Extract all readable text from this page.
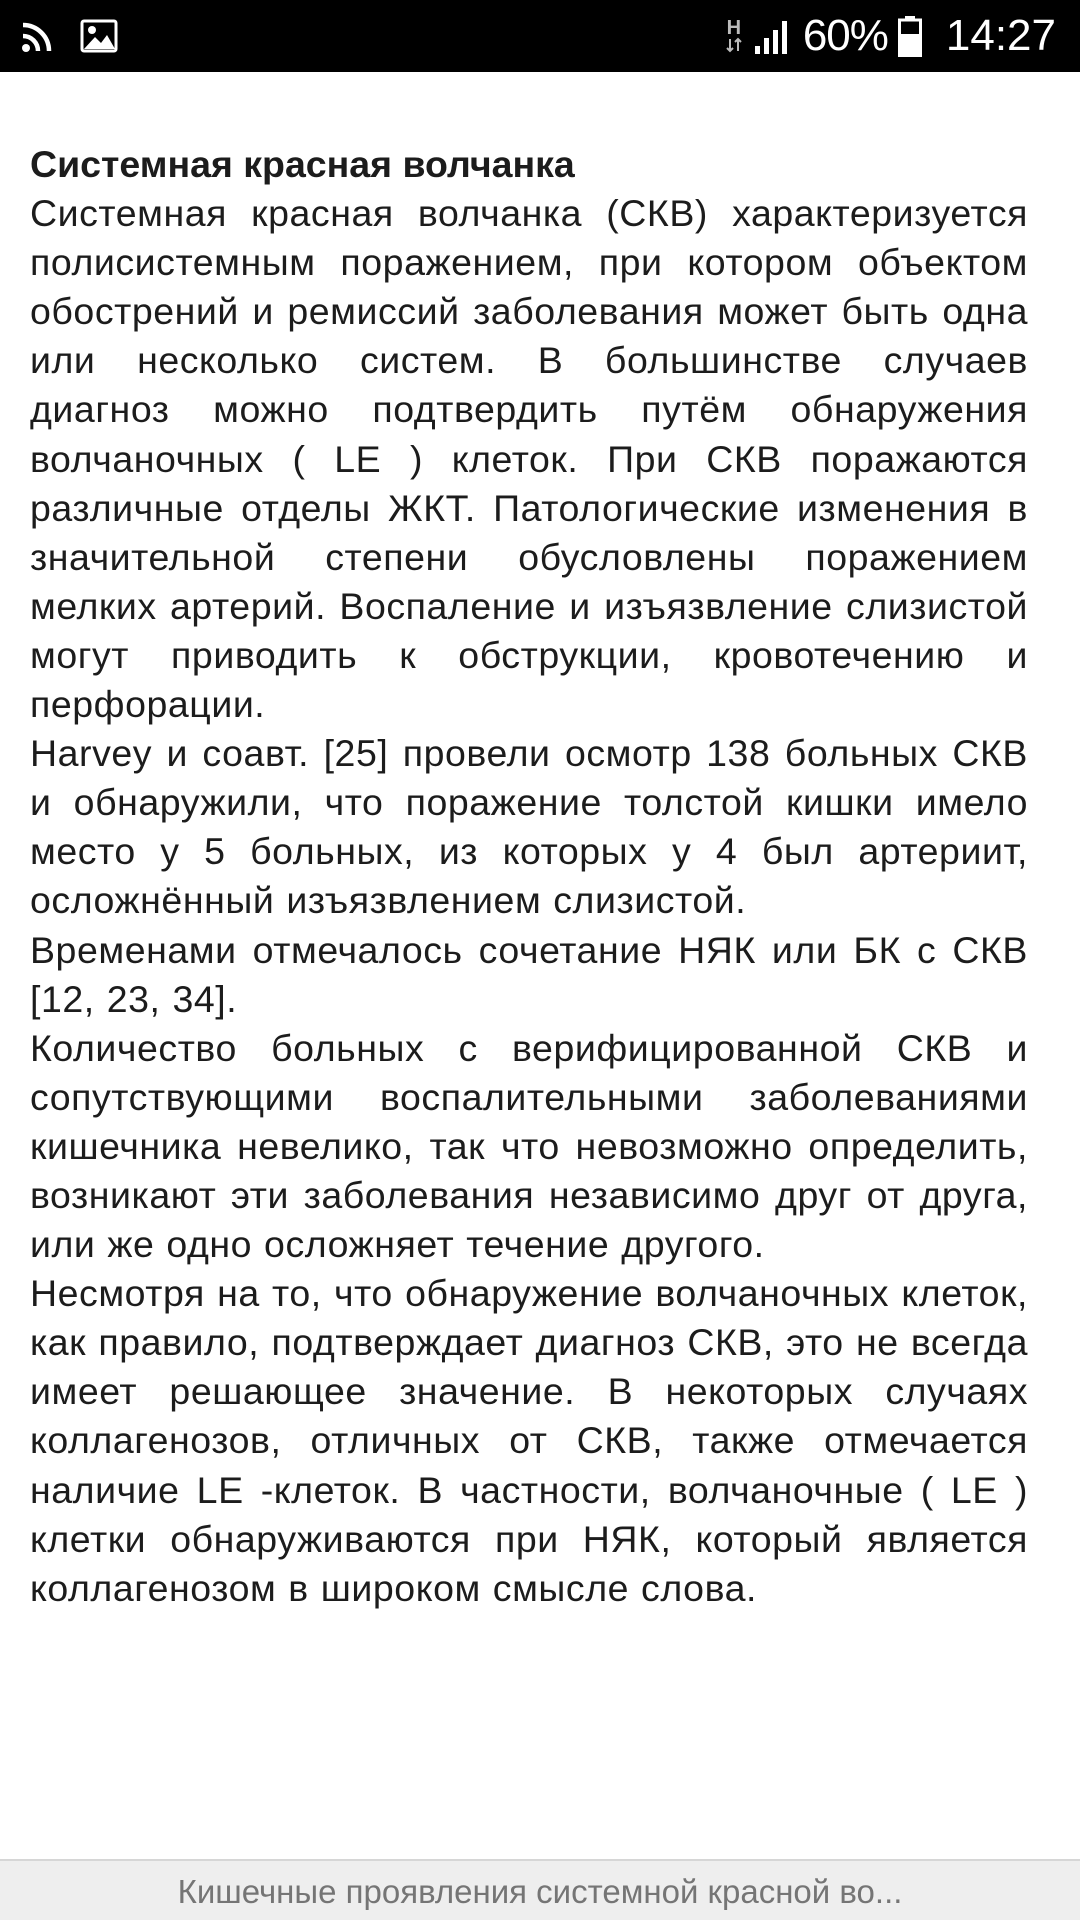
H 60% 14:27
Системная красная волчанка

Системная красная волчанка (СКВ) характеризуется полисистемным поражением, при котором объектом обострений и ремиссий заболевания может быть одна или несколько систем. В большинстве случаев диагноз можно подтвердить путём обнаружения волчаночных ( LE ) клеток. При СКВ поражаются различные отделы ЖКТ. Патологические изменения в значительной степени обусловлены поражением мелких артерий. Воспаление и изъязвление слизистой могут приводить к обструкции, кровотечению и перфорации.

Harvey и соавт. [25] провели осмотр 138 больных СКВ и обнаружили, что поражение толстой кишки имело место у 5 больных, из которых у 4 был артериит, осложнённый изъязвлением слизистой.

Временами отмечалось сочетание НЯК или БК с СКВ [12, 23, 34].

Количество больных с верифицированной СКВ и сопутствующими воспалительными заболеваниями кишечника невелико, так что невозможно определить, возникают эти заболевания независимо друг от друга, или же одно осложняет течение другого.

Несмотря на то, что обнаружение волчаночных клеток, как правило, подтверждает диагноз СКВ, это не всегда имеет решающее значение. В некоторых случаях коллагенозов, отличных от СКВ, также отмечается наличие LE -клеток. В частности, волчаночные ( LE ) клетки обнаруживаются при НЯК, который является коллагенозом в широком смысле слова.

Кишечные проявления системной красной во...
